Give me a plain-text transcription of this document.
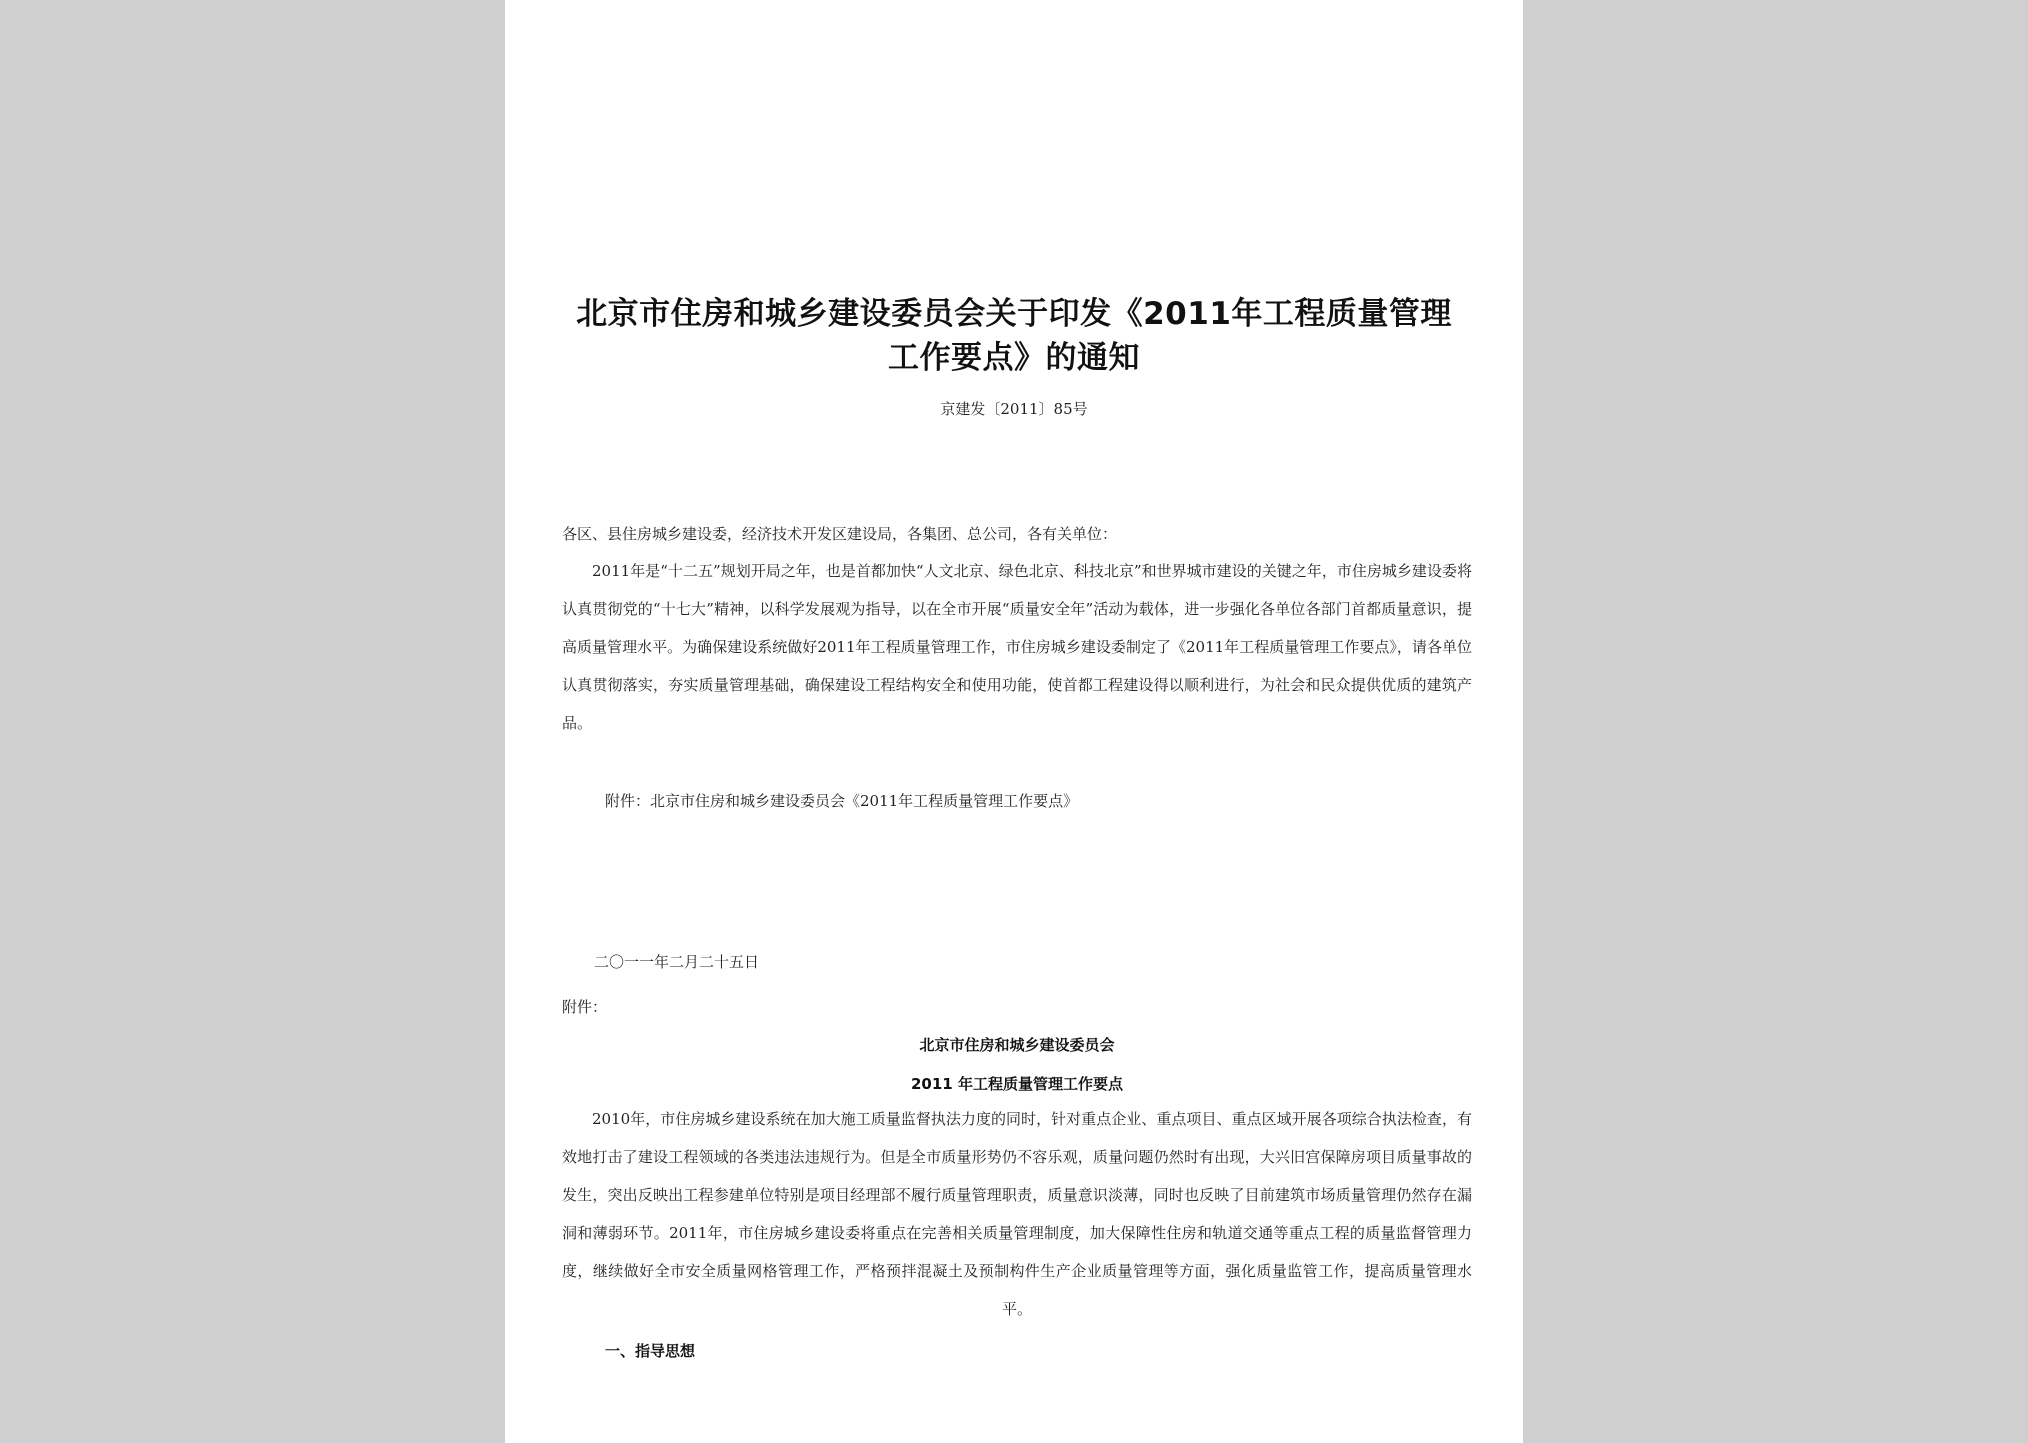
北京市住房和城乡建设委员会关于印发《2011年工程质量管理工作要点》的通知
京建发〔2011〕85号
各区、县住房城乡建设委，经济技术开发区建设局，各集团、总公司，各有关单位：
2011年是“十二五”规划开局之年，也是首都加快“人文北京、绿色北京、科技北京”和世界城市建设的关键之年，市住房城乡建设委将认真贯彻党的“十七大”精神，以科学发展观为指导，以在全市开展“质量安全年”活动为载体，进一步强化各单位各部门首都质量意识，提高质量管理水平。为确保建设系统做好2011年工程质量管理工作，市住房城乡建设委制定了《2011年工程质量管理工作要点》，请各单位认真贯彻落实，夯实质量管理基础，确保建设工程结构安全和使用功能，使首都工程建设得以顺利进行，为社会和民众提供优质的建筑产品。
附件：北京市住房和城乡建设委员会《2011年工程质量管理工作要点》
二〇一一年二月二十五日
附件：
北京市住房和城乡建设委员会
2011 年工程质量管理工作要点
2010年，市住房城乡建设系统在加大施工质量监督执法力度的同时，针对重点企业、重点项目、重点区域开展各项综合执法检查，有效地打击了建设工程领域的各类违法违规行为。但是全市质量形势仍不容乐观，质量问题仍然时有出现，大兴旧宫保障房项目质量事故的发生，突出反映出工程参建单位特别是项目经理部不履行质量管理职责，质量意识淡薄，同时也反映了目前建筑市场质量管理仍然存在漏洞和薄弱环节。2011年，市住房城乡建设委将重点在完善相关质量管理制度，加大保障性住房和轨道交通等重点工程的质量监督管理力度，继续做好全市安全质量网格管理工作，严格预拌混凝土及预制构件生产企业质量管理等方面，强化质量监管工作，提高质量管理水平。
一、指导思想
